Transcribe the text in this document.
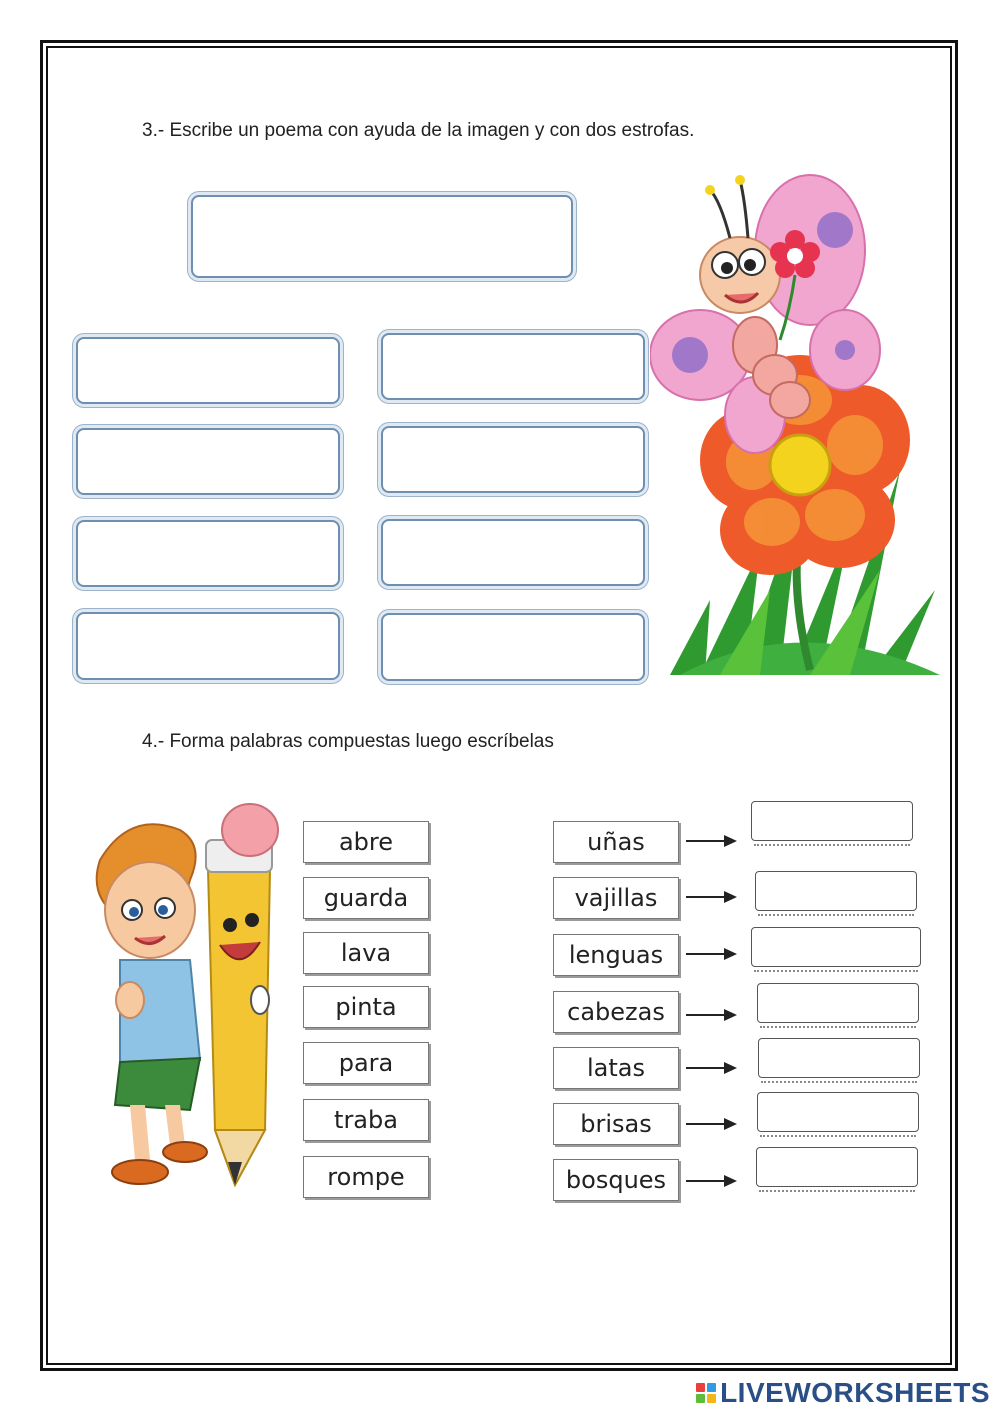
3.- Escribe un poema con ayuda de la imagen y con dos estrofas.
4.- Forma palabras compuestas luego escríbelas
abre
guarda
lava
pinta
para
traba
rompe
uñas
vajillas
lenguas
cabezas
latas
brisas
bosques
LIVEWORKSHEETS
